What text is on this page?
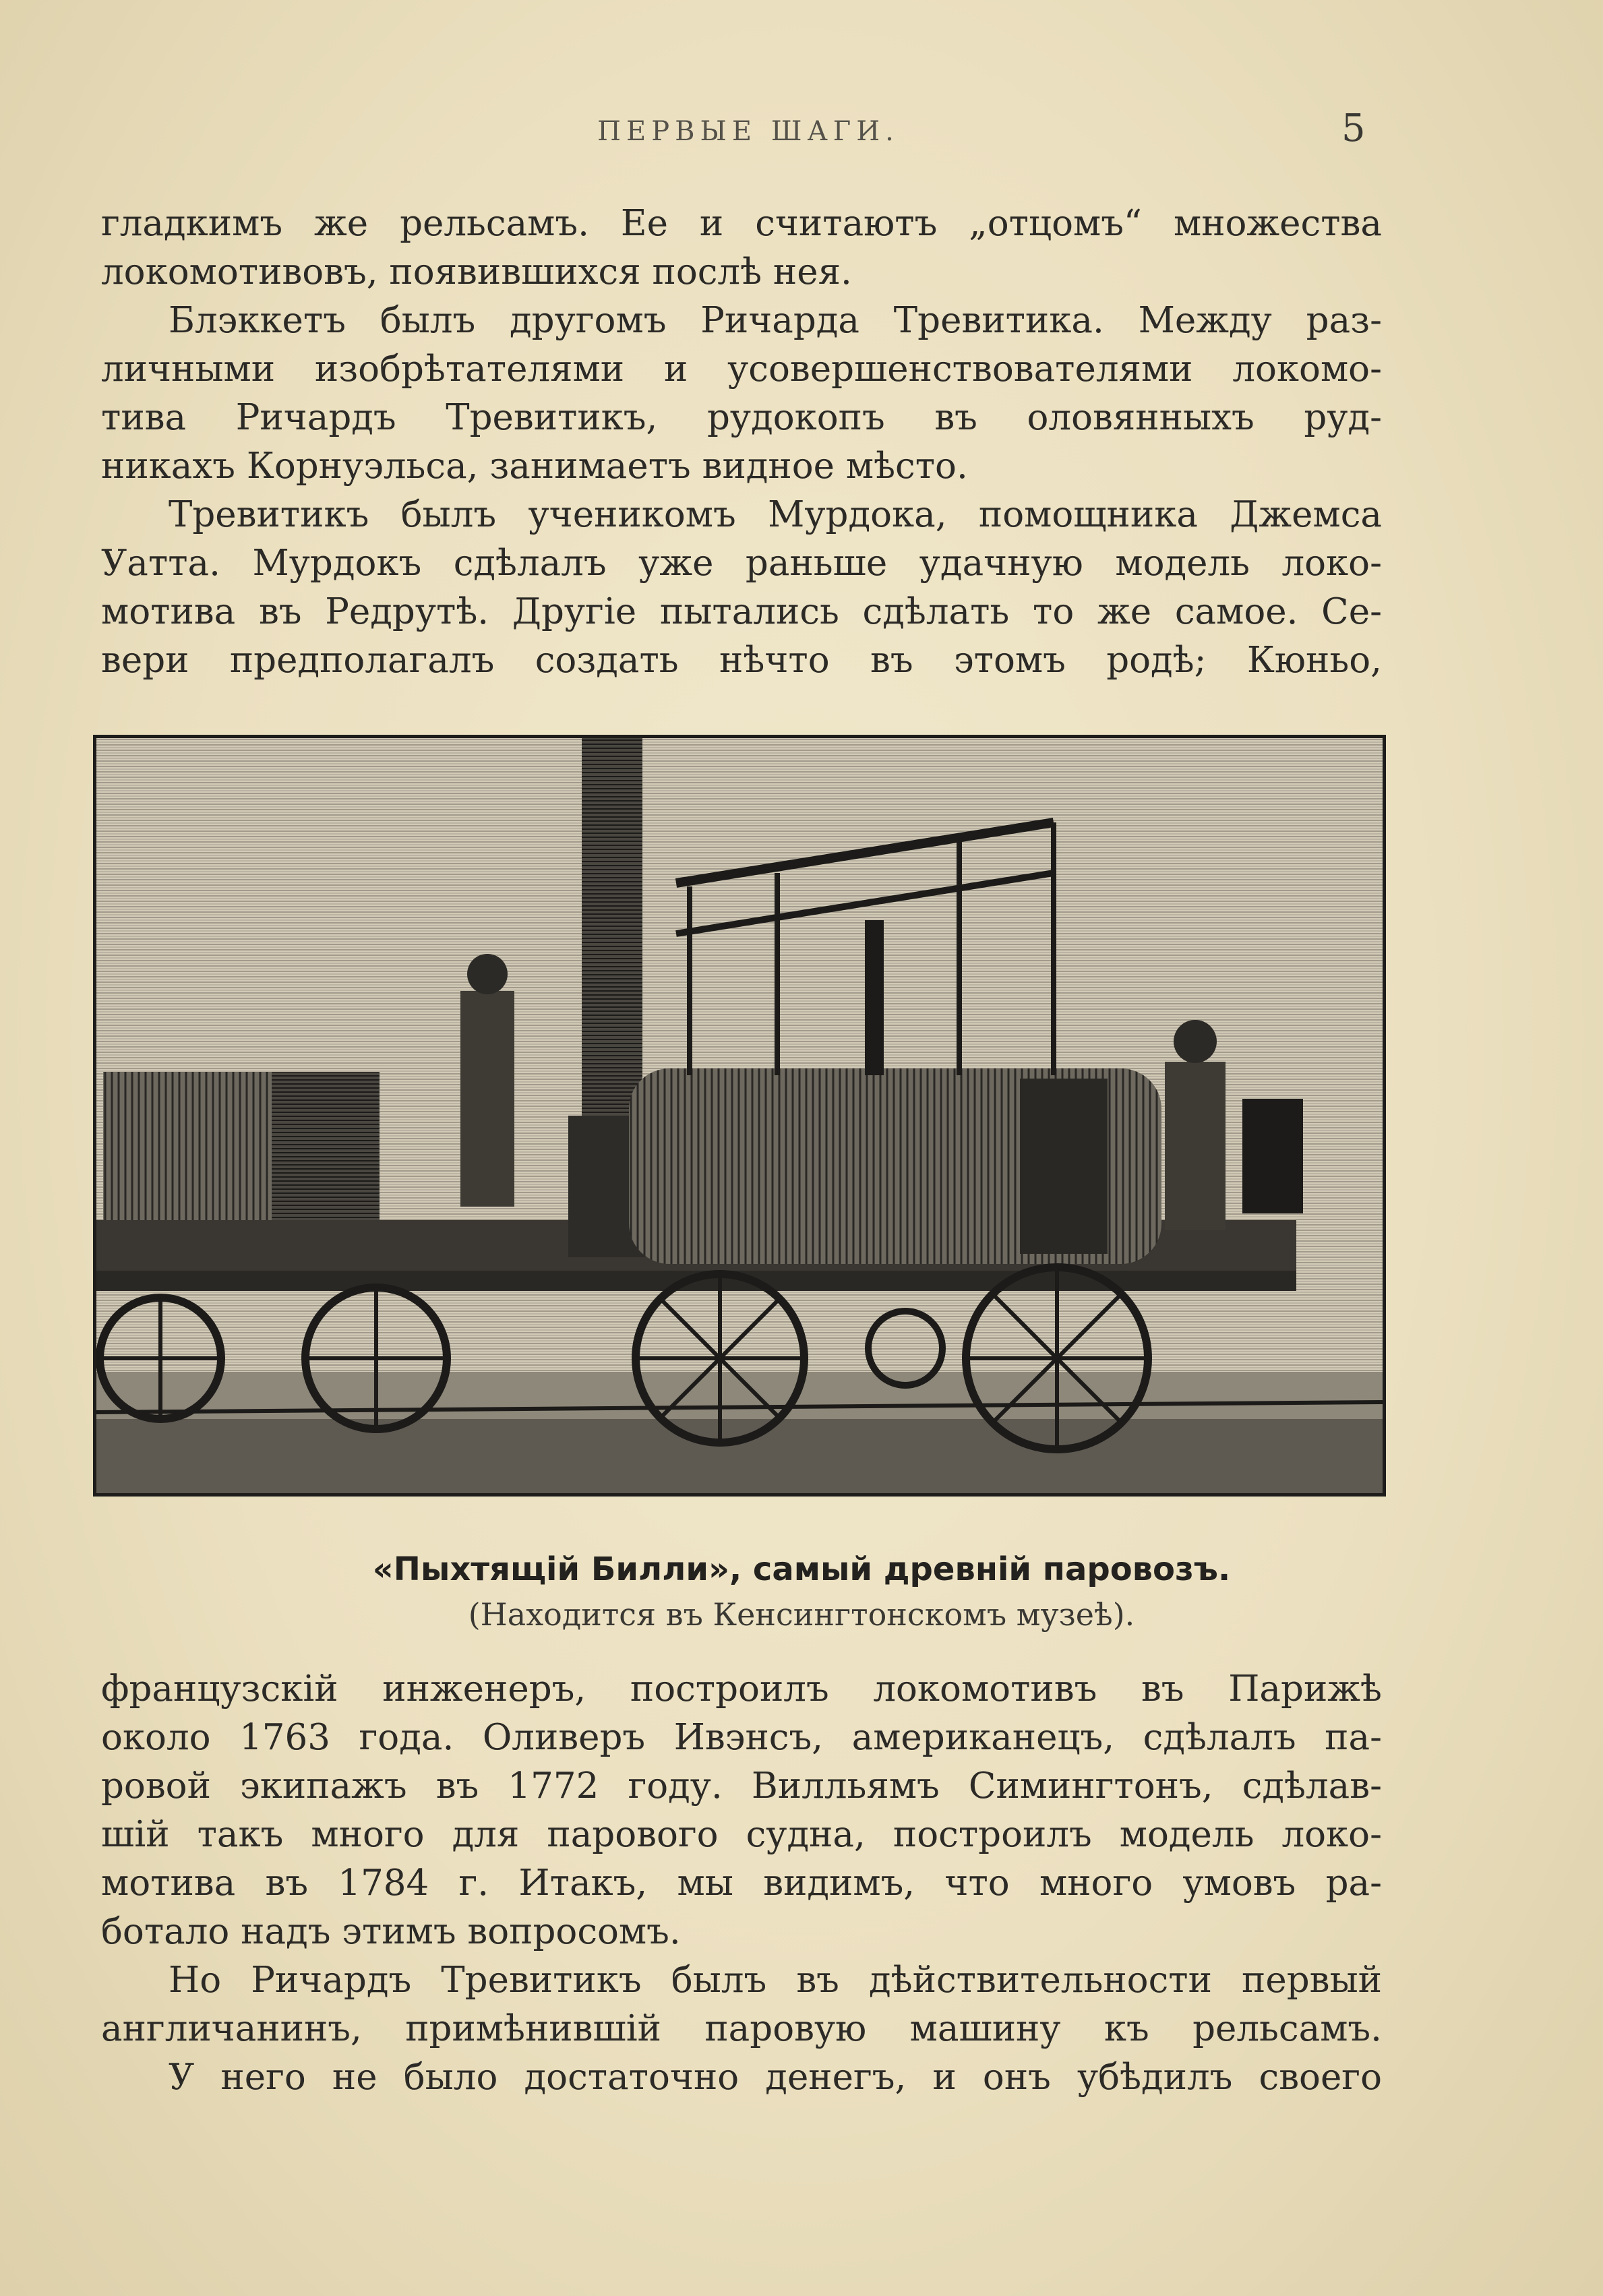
ПЕРВЫЕ ШАГИ.	5
гладкимъ же рельсамъ. Ее и считаютъ „отцомъ“ множества
локомотивовъ, появившихся послѣ нея.
Блэккетъ былъ другомъ Ричарда Тревитика. Между раз-
личными изобрѣтателями и усовершенствователями локомо-
тива Ричардъ Тревитикъ, рудокопъ въ оловянныхъ руд-
никахъ Корнуэльса, занимаетъ видное мѣсто.
Тревитикъ былъ ученикомъ Мурдока, помощника Джемса
Уатта. Мурдокъ сдѣлалъ уже раньше удачную модель локо-
мотива въ Редрутѣ. Другіе пытались сдѣлать то же самое. Се-
вери предполагалъ создать нѣчто въ этомъ родѣ; Кюньо,
«Пыхтящій Билли», самый древній паровозъ.
(Находится въ Кенсингтонскомъ музеѣ).
французскій инженеръ, построилъ локомотивъ въ Парижѣ
около 1763 года. Оливеръ Ивэнсъ, американецъ, сдѣлалъ па-
ровой экипажъ въ 1772 году. Вилльямъ Симингтонъ, сдѣлав-
шій такъ много для парового судна, построилъ модель локо-
мотива въ 1784 г. Итакъ, мы видимъ, что много умовъ ра-
ботало надъ этимъ вопросомъ.
Но Ричардъ Тревитикъ былъ въ дѣйствительности первый
англичанинъ, примѣнившій паровую машину къ рельсамъ.
У него не было достаточно денегъ, и онъ убѣдилъ своего
